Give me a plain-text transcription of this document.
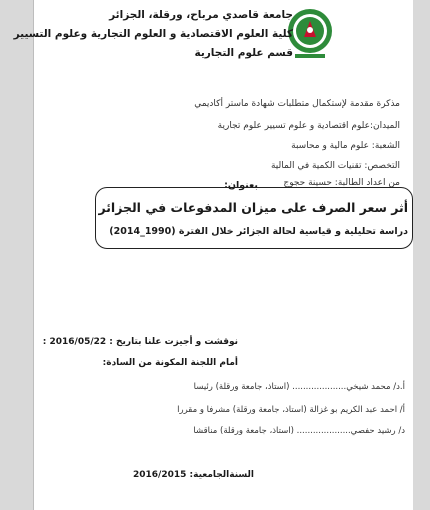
جامعة قاصدي مرباح، ورقلة، الجزائر
كلية العلوم الاقتصادية و العلوم التجارية وعلوم التسيير
قسم علوم التجارية
مذكرة مقدمة لإستكمال متطلبات شهادة ماستر أكاديمي
الميدان:علوم اقتصادية و علوم تسيير علوم تجارية
الشعبة: علوم مالية و محاسبة
التخصص: تقنيات الكمية في المالية
من اعداد الطالبة: حسينة حجوج
بعنوان:
أثر سعر الصرف على ميزان المدفوعات في الجزائر
دراسة تحليلية و قياسية لحالة الجزائر خلال الفترة (1990_2014)
نوقشت و أجيزت علنا بتاريخ : 2016/05/22 :
أمام اللجنة المكونة من السادة:
أ.د/ محمد شيخي.................... (استاذ، جامعة ورقلة) رئيسا
أ/ احمد عبد الكريم بو غزالة (استاذ، جامعة ورقلة) مشرفا و مقررا
د/ رشيد حفصي.................... (استاذ، جامعة ورقلة) مناقشا
السنةالجامعية: 2016/2015
